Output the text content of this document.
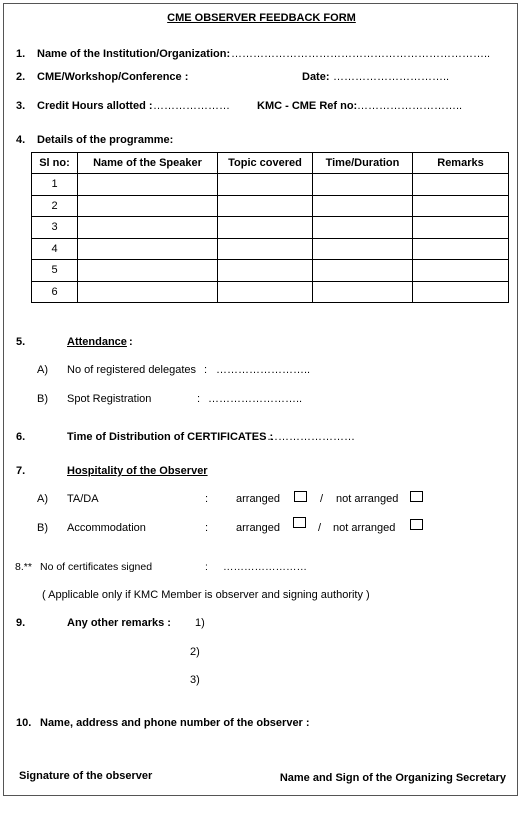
CME OBSERVER FEEDBACK FORM
1. Name of the Institution/Organization: ……………………………………………………………..
2. CME/Workshop/Conference :	Date: …………………………..
3. Credit Hours allotted : ………………… KMC - CME Ref no: ………………………..
4. Details of the programme:
Sl no:	Name of the Speaker	Topic covered	Time/Duration	Remarks
1				
2				
3				
4				
5				
6				
5.	Attendance :
A) No of registered delegates : ……………………..
B) Spot Registration	: ……………………..
6.	Time of Distribution of CERTIFICATES :
……………………
7.	Hospitality of the Observer
A) TA/DA	:	arranged	/ not arranged
B) Accommodation	:	arranged	/ not arranged
8.** No of certificates signed	: ……………………
( Applicable only if KMC Member is observer and signing authority )
9.	Any other remarks : 1)
2)
3)
10. Name, address and phone number of the observer :
Signature of the observer	Name and Sign of the Organizing Secretary
